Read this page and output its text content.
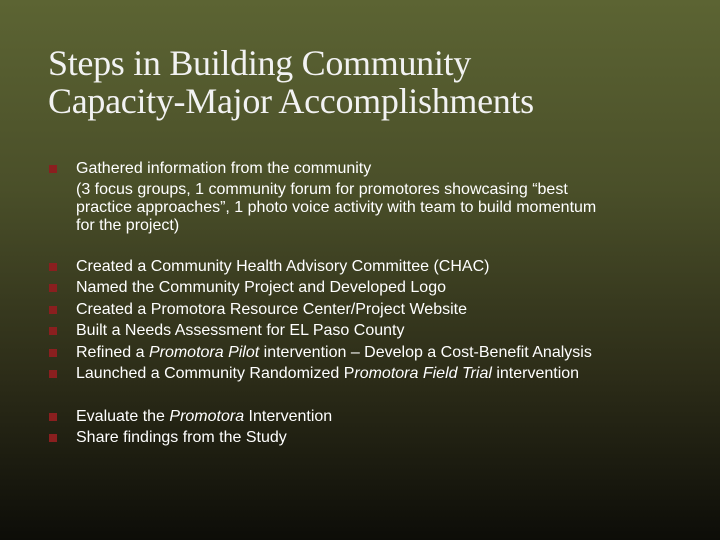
Steps in Building Community
Capacity-Major Accomplishments
Gathered information from the community
(3 focus groups, 1 community forum for promotores showcasing “best
practice approaches”, 1 photo voice activity with team to build momentum
for the project)
Created a Community Health Advisory Committee (CHAC)
Named the Community Project and Developed Logo
Created a Promotora Resource Center/Project Website
Built a Needs Assessment for EL Paso County
Refined a Promotora Pilot intervention – Develop a Cost-Benefit Analysis
Launched a Community Randomized Promotora Field Trial intervention
Evaluate the Promotora Intervention
Share findings from the Study
